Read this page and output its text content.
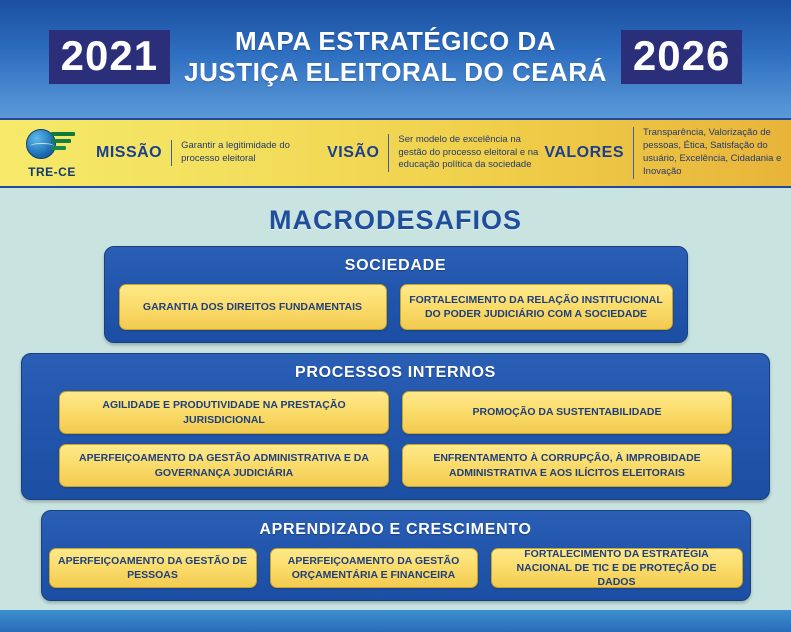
2021	MAPA ESTRATÉGICO DA
JUSTIÇA ELEITORAL DO CEARÁ 2026
TRE-CE
MISSÃO	Garantir a legitimidade do processo eleitoral	VISÃO
Ser modelo de excelência na gestão do processo eleitoral e na educação política da sociedade
VALORES
Transparência, Valorização de pessoas, Ética, Satisfação do usuário, Excelência, Cidadania e Inovação
MACRODESAFIOS
SOCIEDADE
GARANTIA DOS DIREITOS FUNDAMENTAIS
FORTALECIMENTO DA RELAÇÃO INSTITUCIONAL DO PODER JUDICIÁRIO COM A SOCIEDADE
PROCESSOS INTERNOS
AGILIDADE E PRODUTIVIDADE NA PRESTAÇÃO JURISDICIONAL
PROMOÇÃO DA SUSTENTABILIDADE
APERFEIÇOAMENTO DA GESTÃO ADMINISTRATIVA E DA GOVERNANÇA JUDICIÁRIA
ENFRENTAMENTO À CORRUPÇÃO, À IMPROBIDADE ADMINISTRATIVA E AOS ILÍCITOS ELEITORAIS
APRENDIZADO E CRESCIMENTO
APERFEIÇOAMENTO DA GESTÃO DE PESSOAS
APERFEIÇOAMENTO DA GESTÃO ORÇAMENTÁRIA E FINANCEIRA
FORTALECIMENTO DA ESTRATÉGIA NACIONAL DE TIC E DE PROTEÇÃO DE DADOS
